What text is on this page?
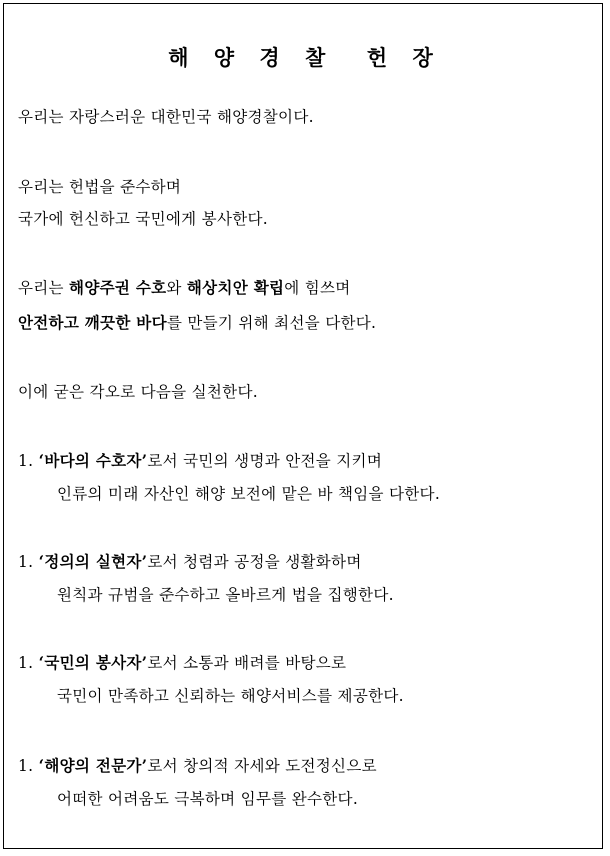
해 양 경 찰  헌 장
우리는 자랑스러운 대한민국 해양경찰이다.
우리는 헌법을 준수하며
국가에 헌신하고 국민에게 봉사한다.
우리는 해양주권 수호와 해상치안 확립에 힘쓰며
안전하고 깨끗한 바다를 만들기 위해 최선을 다한다.
이에 굳은 각오로 다음을 실천한다.
1. ‘바다의 수호자’로서 국민의 생명과 안전을 지키며
인류의 미래 자산인 해양 보전에 맡은 바 책임을 다한다.
1. ‘정의의 실현자’로서 청렴과 공정을 생활화하며
원칙과 규범을 준수하고 올바르게 법을 집행한다.
1. ‘국민의 봉사자’로서 소통과 배려를 바탕으로
국민이 만족하고 신뢰하는 해양서비스를 제공한다.
1. ‘해양의 전문가’로서 창의적 자세와 도전정신으로
어떠한 어려움도 극복하며 임무를 완수한다.
